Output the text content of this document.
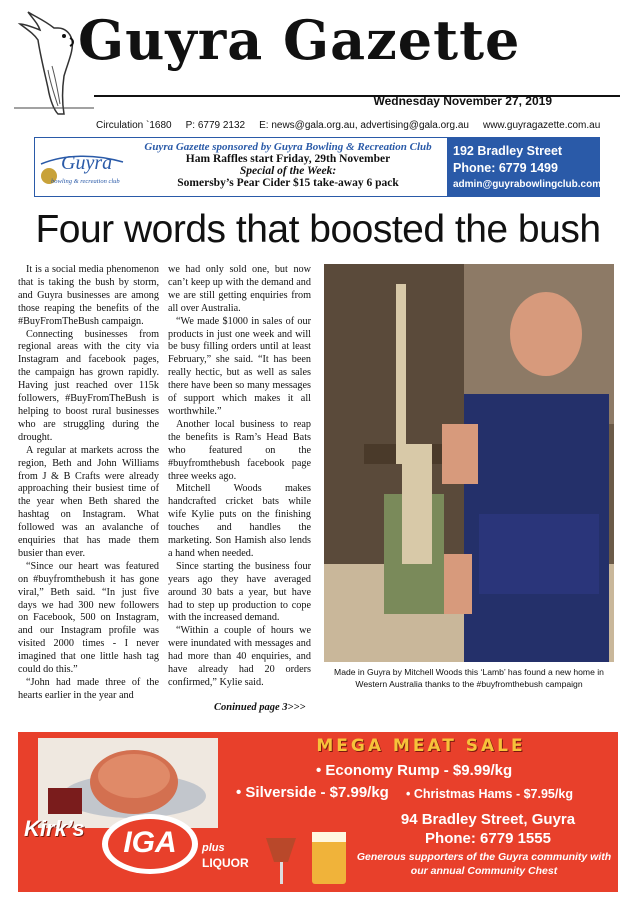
Guyra Gazette
Wednesday November 27, 2019
Circulation `1680 P: 6779 2132 E: news@gala.org.au, advertising@gala.org.au www.guyragazette.com.au
Guyra
bowling & recreation club
Guyra Gazette sponsored by Guyra Bowling & Recreation Club
Ham Raffles start Friday, 29th November
Special of the Week:
Somersby’s Pear Cider $15 take-away 6 pack
192 Bradley Street
Phone: 6779 1499
admin@guyrabowlingclub.com
Four words that boosted the bush

It is a social media phenomenon that is taking the bush by storm, and Guyra businesses are among those reaping the benefits of the #BuyFromTheBush campaign.

Connecting businesses from regional areas with the city via Instagram and facebook pages, the campaign has grown rapidly. Having just reached over 115k followers, #BuyFromTheBush is helping to boost rural businesses who are struggling during the drought.

A regular at markets across the region, Beth and John Williams from J & B Crafts were already approaching their busiest time of the year when Beth shared the hashtag on Instagram. What followed was an avalanche of enquiries that has made them busier than ever.

“Since our heart was featured on #buyfromthebush it has gone viral,” Beth said. “In just five days we had 300 new followers on Facebook, 500 on Instagram, and our Instagram profile was visited 2000 times - I never imagined that one little hash tag could do this.”

“John had made three of the hearts earlier in the year and

we had only sold one, but now can’t keep up with the demand and we are still getting enquiries from all over Australia.

“We made $1000 in sales of our products in just one week and will be busy filling orders until at least February,” she said. “It has been really hectic, but as well as sales there have been so many messages of support which makes it all worthwhile.”

Another local business to reap the benefits is Ram’s Head Bats who featured on the #buyfromthebush facebook page three weeks ago.

Mitchell Woods makes handcrafted cricket bats while wife Kylie puts on the finishing touches and handles the marketing. Son Hamish also lends a hand when needed.

Since starting the business four years ago they have averaged around 30 bats a year, but have had to step up production to cope with the increased demand.

“Within a couple of hours we were inundated with messages and had more than 40 enquiries, and have already had 20 orders confirmed,” Kylie said.

Coninued page 3>>>
Made in Guyra by Mitchell Woods this ‘Lamb’ has found a new home in Western Australia thanks to the #buyfromthebush campaign
MEGA MEAT SALE
• Economy Rump - $9.99/kg
• Silverside - $7.99/kg • Christmas Hams - $7.95/kg
Kirk’s	IGA	plus
LIQUOR
94 Bradley Street, Guyra
Phone: 6779 1555
Generous supporters of the Guyra community with our annual Community Chest
